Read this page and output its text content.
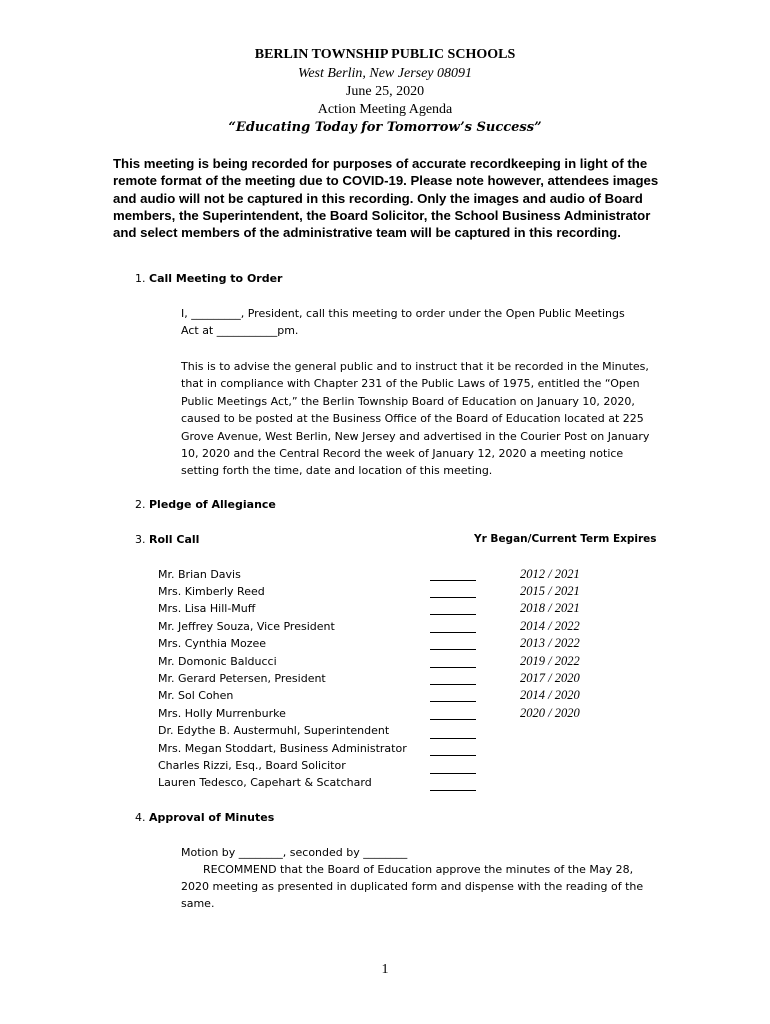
BERLIN TOWNSHIP PUBLIC SCHOOLS
West Berlin, New Jersey 08091
June 25, 2020
Action Meeting Agenda
“Educating Today for Tomorrow’s Success”
This meeting is being recorded for purposes of accurate recordkeeping in light of the remote format of the meeting due to COVID-19. Please note however, attendees images and audio will not be captured in this recording. Only the images and audio of Board members, the Superintendent, the Board Solicitor, the School Business Administrator and select members of the administrative team will be captured in this recording.
1. Call Meeting to Order
I, _________, President, call this meeting to order under the Open Public Meetings
Act at ___________pm.
This is to advise the general public and to instruct that it be recorded in the Minutes, that in compliance with Chapter 231 of the Public Laws of 1975, entitled the “Open Public Meetings Act,” the Berlin Township Board of Education on January 10, 2020, caused to be posted at the Business Office of the Board of Education located at 225 Grove Avenue, West Berlin, New Jersey and advertised in the Courier Post on January 10, 2020 and the Central Record the week of January 12, 2020 a meeting notice setting forth the time, date and location of this meeting.
2. Pledge of Allegiance
3. Roll Call	Yr Began/Current Term Expires
Mr. Brian Davis	2012 / 2021
Mrs. Kimberly Reed	2015 / 2021
Mrs. Lisa Hill-Muff	2018 / 2021
Mr. Jeffrey Souza, Vice President	2014 / 2022
Mrs. Cynthia Mozee	2013 / 2022
Mr. Domonic Balducci	2019 / 2022
Mr. Gerard Petersen, President	2017 / 2020
Mr. Sol Cohen	2014 / 2020
Mrs. Holly Murrenburke	2020 / 2020
Dr. Edythe B. Austermuhl, Superintendent
Mrs. Megan Stoddart, Business Administrator
Charles Rizzi, Esq., Board Solicitor
Lauren Tedesco, Capehart & Scatchard
4. Approval of Minutes
Motion by ________, seconded by ________
RECOMMEND that the Board of Education approve the minutes of the May 28,
2020 meeting as presented in duplicated form and dispense with the reading of the same.
1
